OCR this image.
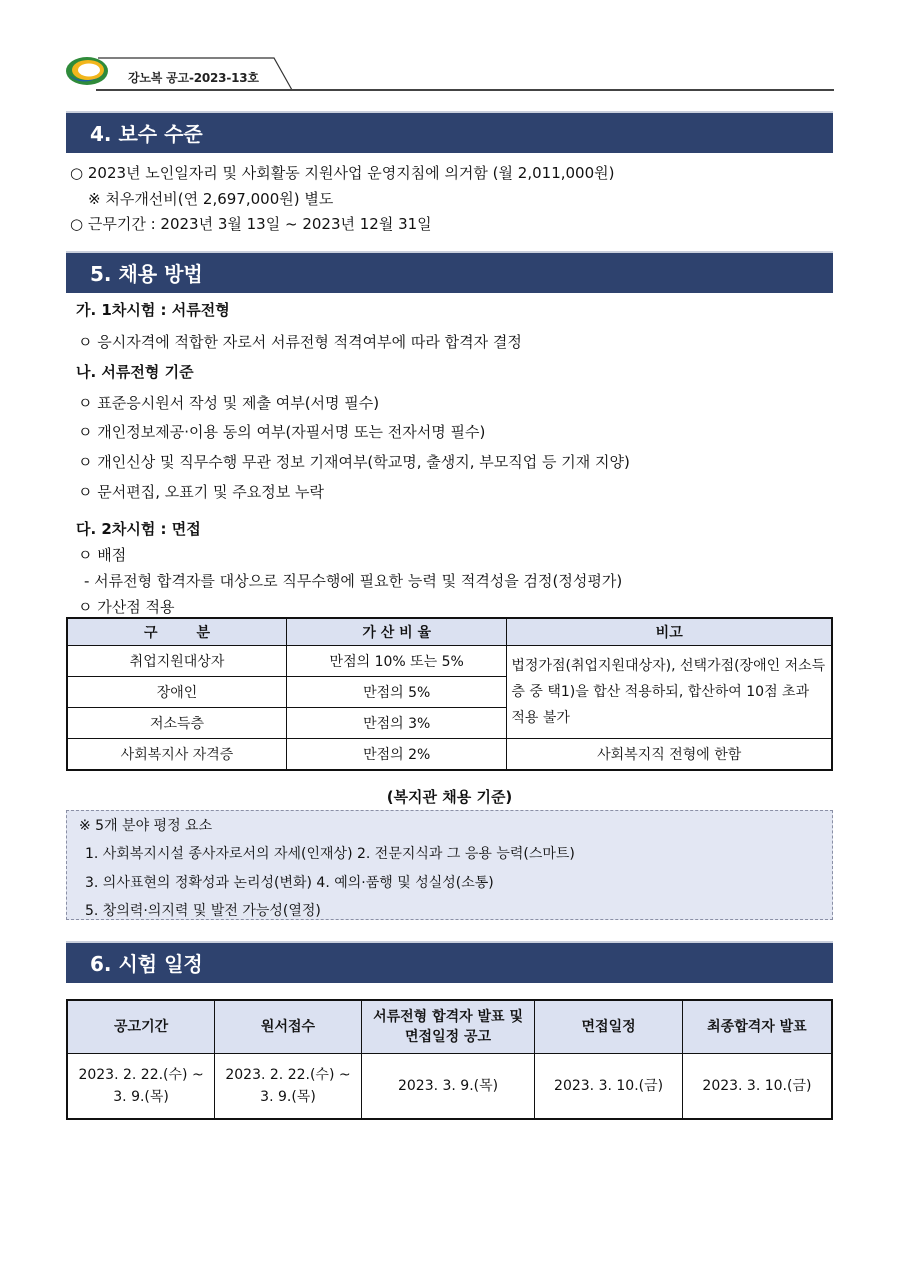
강노복 공고-2023-13호
4. 보수 수준
○ 2023년 노인일자리 및 사회활동 지원사업 운영지침에 의거함 (월 2,011,000원)
※ 처우개선비(연 2,697,000원) 별도
○ 근무기간 : 2023년 3월 13일 ~ 2023년 12월 31일
5. 채용 방법
가. 1차시험 : 서류전형
ㅇ 응시자격에 적합한 자로서 서류전형 적격여부에 따라 합격자 결정
나. 서류전형 기준
ㅇ 표준응시원서 작성 및 제출 여부(서명 필수)
ㅇ 개인정보제공·이용 동의 여부(자필서명 또는 전자서명 필수)
ㅇ 개인신상 및 직무수행 무관 정보 기재여부(학교명, 출생지, 부모직업 등 기재 지양)
ㅇ 문서편집, 오표기 및 주요정보 누락
다. 2차시험 : 면접
ㅇ 배점
- 서류전형 합격자를 대상으로 직무수행에 필요한 능력 및 적격성을 검정(정성평가)
ㅇ 가산점 적용
구        분	가 산 비 율	비고
취업지원대상자	만점의 10% 또는 5%	법정가점(취업지원대상자), 선택가점(장애인 저소득층 중 택1)을 합산 적용하되, 합산하여 10점 초과 적용 불가
장애인	만점의 5%	
저소득층	만점의 3%	
사회복지사 자격증	만점의 2%	사회복지직 전형에 한함
(복지관 채용 기준)
※ 5개 분야 평정 요소
1. 사회복지시설 종사자로서의 자세(인재상) 2. 전문지식과 그 응용 능력(스마트)
3. 의사표현의 정확성과 논리성(변화) 4. 예의·품행 및 성실성(소통)
5. 창의력·의지력 및 발전 가능성(열정)
6. 시험 일정
공고기간	원서접수	서류전형 합격자 발표 및 면접일정 공고	면접일정	최종합격자 발표
2023. 2. 22.(수) ~ 3. 9.(목)	2023. 2. 22.(수) ~ 3. 9.(목)	2023. 3. 9.(목)	2023. 3. 10.(금)	2023. 3. 10.(금)
